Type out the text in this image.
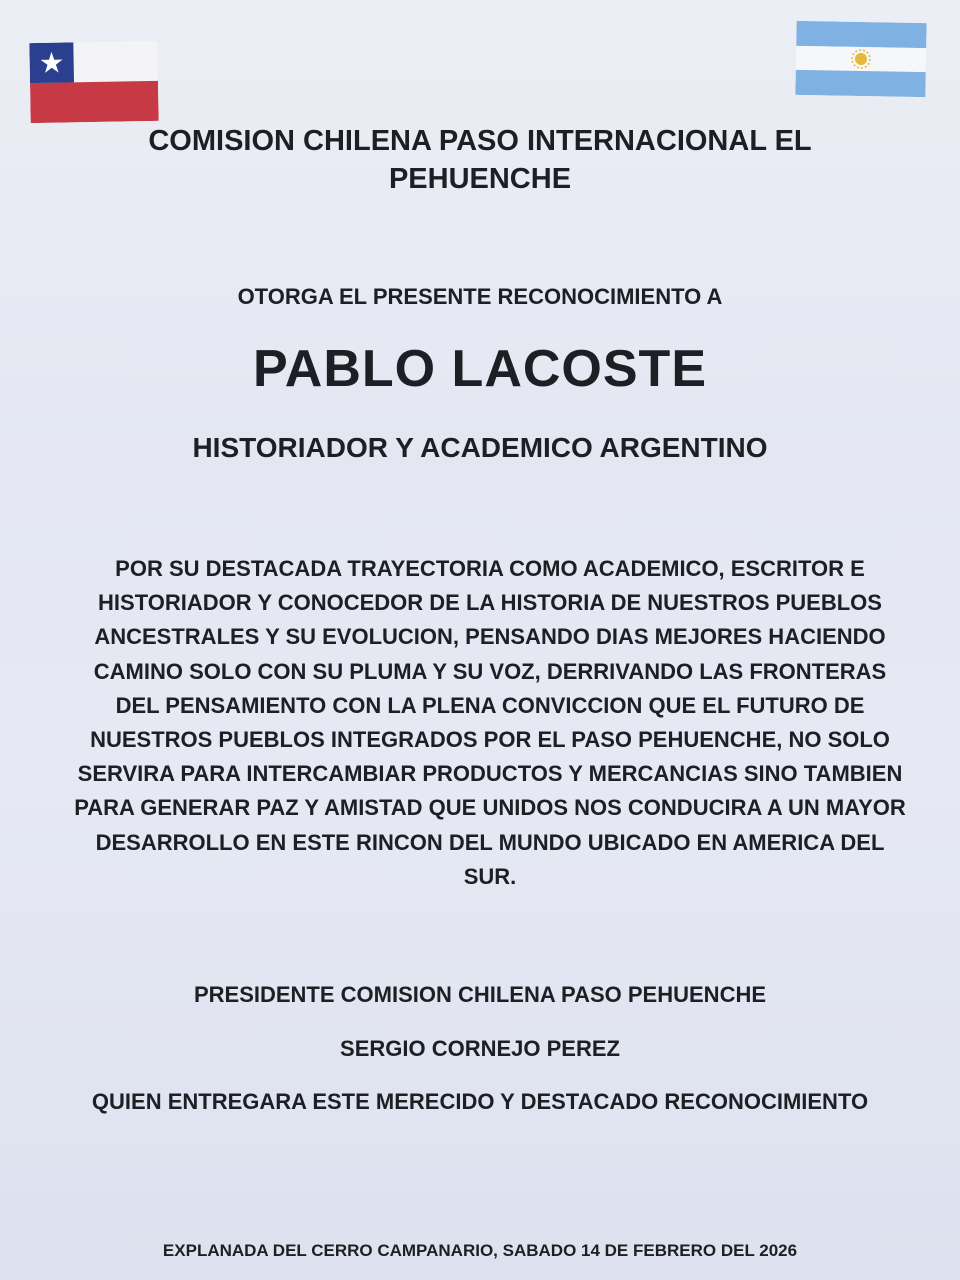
COMISION CHILENA PASO INTERNACIONAL EL PEHUENCHE

OTORGA EL PRESENTE RECONOCIMIENTO A

PABLO LACOSTE

HISTORIADOR Y ACADEMICO ARGENTINO

POR SU DESTACADA TRAYECTORIA COMO ACADEMICO, ESCRITOR E HISTORIADOR Y CONOCEDOR DE LA HISTORIA DE NUESTROS PUEBLOS ANCESTRALES Y SU EVOLUCION, PENSANDO DIAS MEJORES HACIENDO CAMINO SOLO CON SU PLUMA Y SU VOZ, DERRIVANDO LAS FRONTERAS DEL PENSAMIENTO CON LA PLENA CONVICCION QUE EL FUTURO DE NUESTROS PUEBLOS INTEGRADOS POR EL PASO PEHUENCHE, NO SOLO SERVIRA PARA INTERCAMBIAR PRODUCTOS Y MERCANCIAS SINO TAMBIEN PARA GENERAR PAZ Y AMISTAD QUE UNIDOS NOS CONDUCIRA A UN MAYOR DESARROLLO EN ESTE RINCON DEL MUNDO UBICADO EN AMERICA DEL SUR.

PRESIDENTE COMISION CHILENA PASO PEHUENCHE

SERGIO CORNEJO PEREZ

QUIEN ENTREGARA ESTE MERECIDO Y DESTACADO RECONOCIMIENTO

EXPLANADA DEL CERRO CAMPANARIO, SABADO 14 DE FEBRERO DEL 2026
